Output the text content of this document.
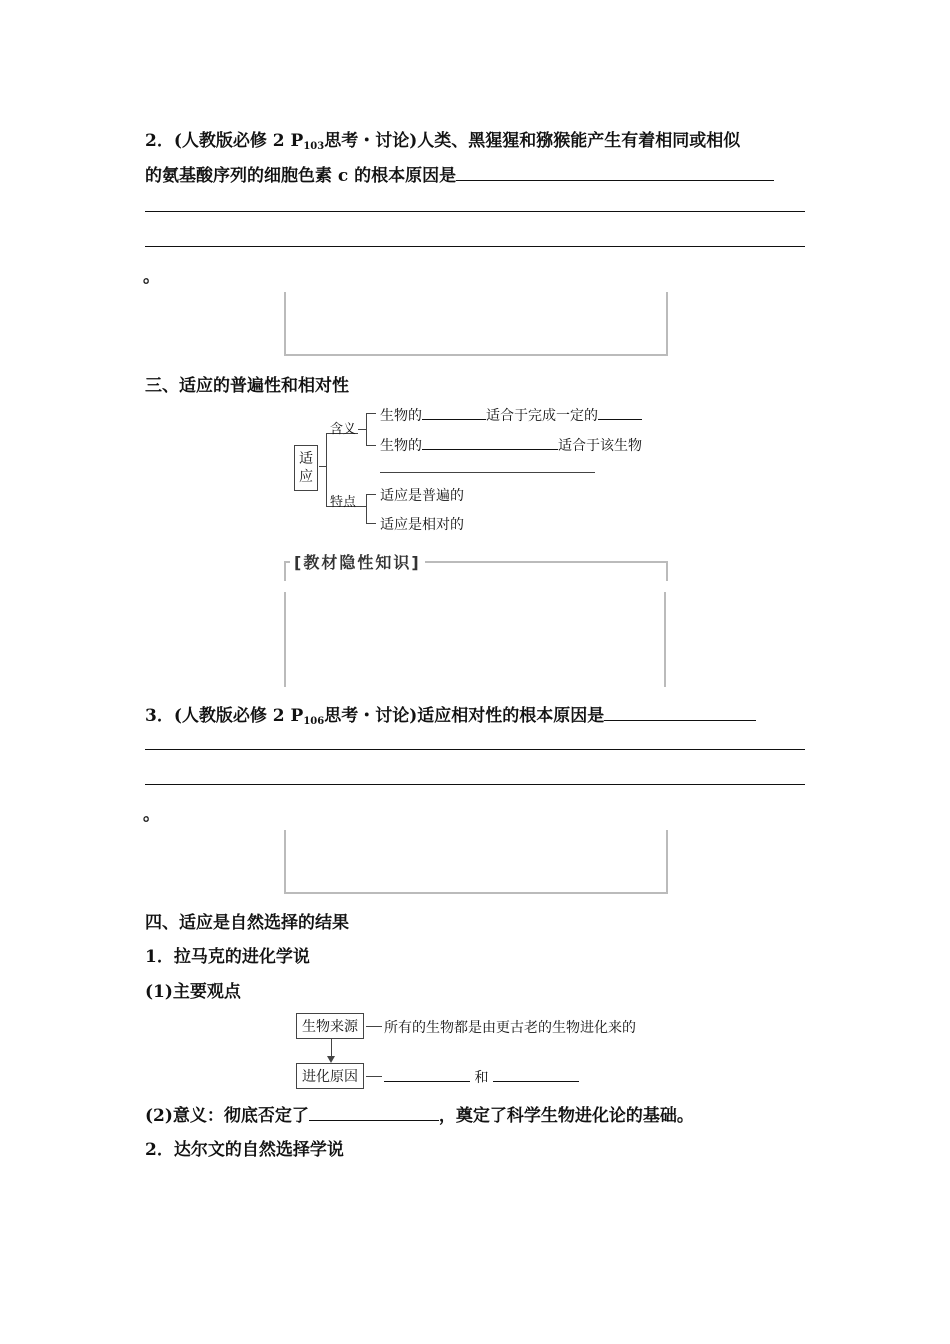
2．(人教版必修 2 $P_{103}$思考・讨论)人类、黑猩猩和猕猴能产生有着相同或相似
的氨基酸序列的细胞色素 c 的根本原因是
。
三、适应的普遍性和相对性
适应
含义
特点
生物的	适合于完成一定的
生物的	适合于该生物
适应是普遍的
适应是相对的
[教材隐性知识]
3．(人教版必修 2 $P_{106}$思考・讨论)适应相对性的根本原因是
。
四、适应是自然选择的结果
1．拉马克的进化学说
(1)主要观点
生物来源	所有的生物都是由更古老的生物进化来的
进化原因	和
(2)意义：彻底否定了	，奠定了科学生物进化论的基础。
2．达尔文的自然选择学说
